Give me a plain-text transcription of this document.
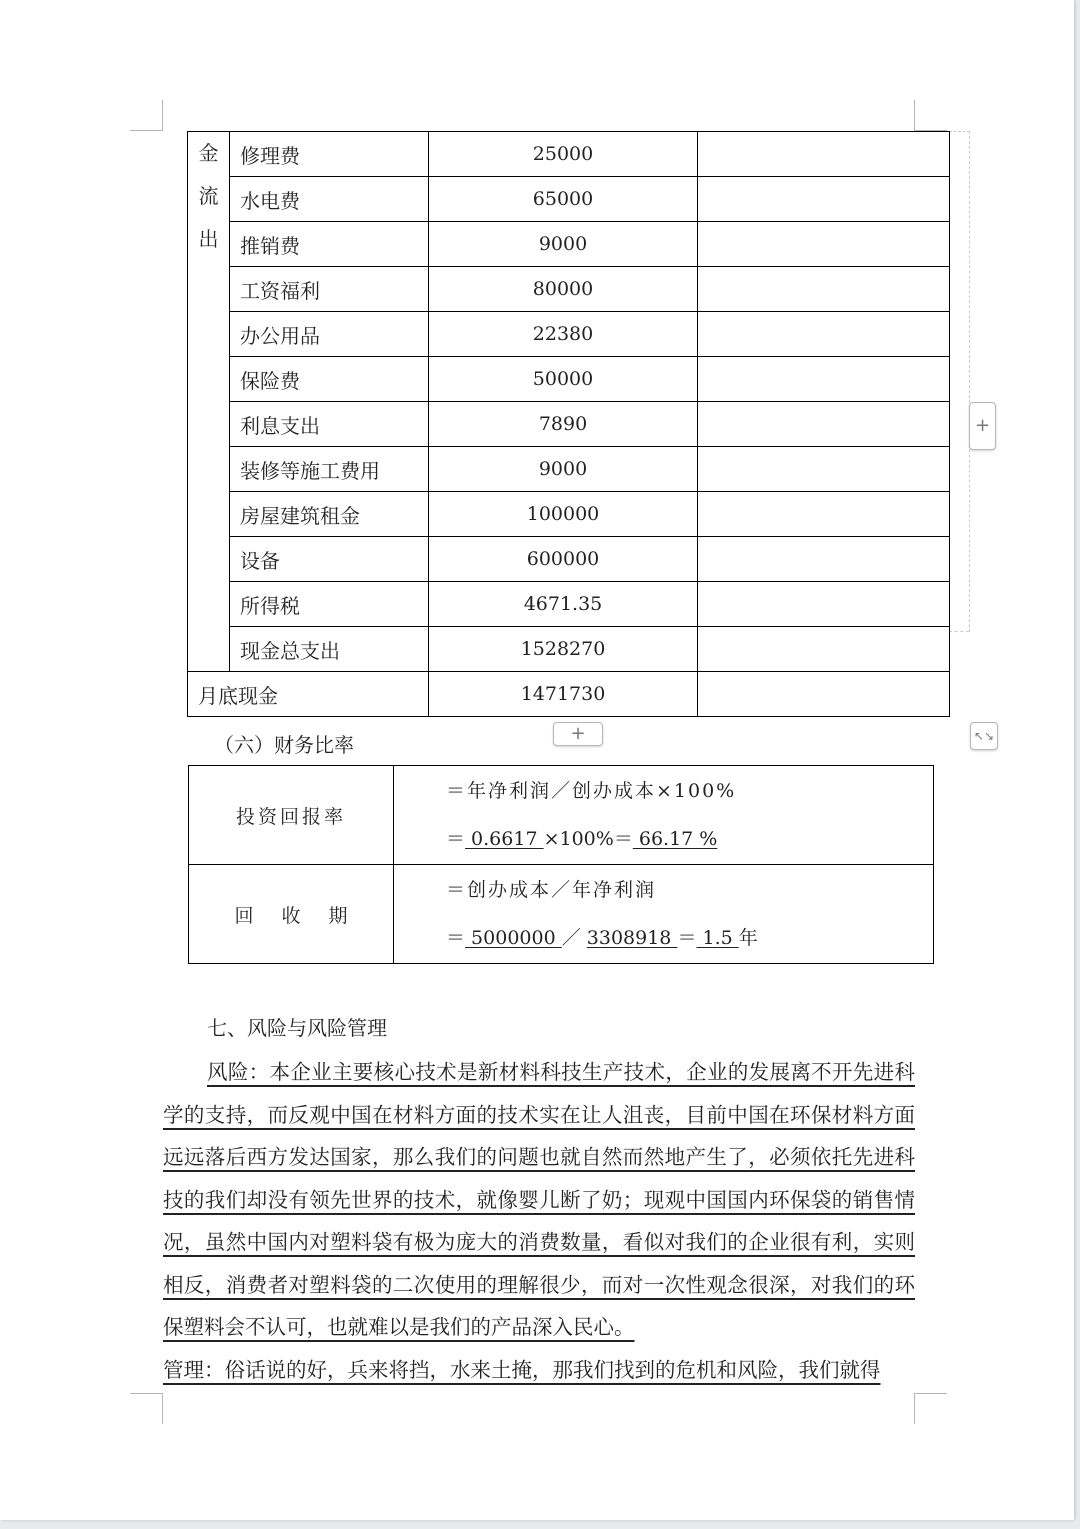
金
流
出	修理费	25000	
	水电费	65000	
	推销费	9000	
	工资福利	80000	
	办公用品	22380	
	保险费	50000	
	利息支出	7890	
	装修等施工费用	9000	
	房屋建筑租金	100000	
	设备	600000	
	所得税	4671.35	
	现金总支出	1528270	
月底现金		1471730	
+
+	↖↘
（六）财务比率
投资回报率	＝年净利润／创办成本×100%
＝ 0.6617 ×100%＝ 66.17 %

回 收 期	＝创办成本／年净利润
＝ 5000000 ／ 3308918 ＝ 1.5 年
七、风险与风险管理

风险：本企业主要核心技术是新材料科技生产技术，企业的发展离不开先进科学的支持，而反观中国在材料方面的技术实在让人沮丧，目前中国在环保材料方面远远落后西方发达国家，那么我们的问题也就自然而然地产生了，必须依托先进科技的我们却没有领先世界的技术，就像婴儿断了奶；现观中国国内环保袋的销售情况，虽然中国内对塑料袋有极为庞大的消费数量，看似对我们的企业很有利，实则相反，消费者对塑料袋的二次使用的理解很少，而对一次性观念很深，对我们的环保塑料会不认可，也就难以是我们的产品深入民心。

管理：俗话说的好，兵来将挡，水来土掩，那我们找到的危机和风险，我们就得
